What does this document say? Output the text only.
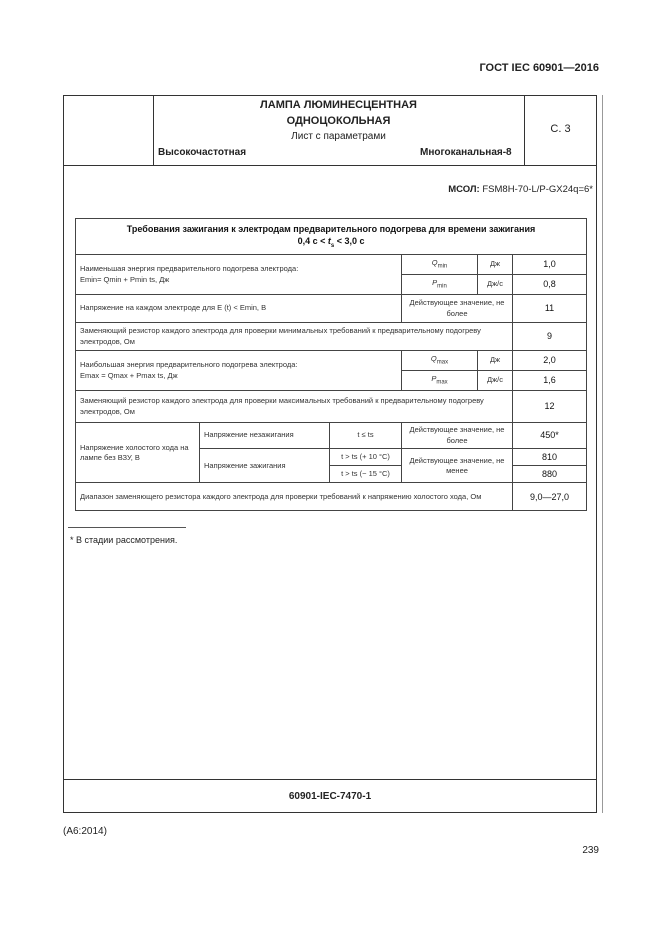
ГОСТ IEC 60901—2016
ЛАМПА ЛЮМИНЕСЦЕНТНАЯ
ОДНОЦОКОЛЬНАЯ
Лист с параметрами
Высокочастотная	Многоканальная-8
С. 3
МСОЛ: FSM8H-70-L/P-GX24q=6*
Требования зажигания к электродам предварительного подогрева для времени зажигания
0,4 $с < t_s < 3,0$ с					

Наименьшая энергия предварительного подогрева электрода:
Emin= Qmin + Pmin ts, Дж			$Q_{min}$	Дж	1,0
			$P_{min}$	Дж/с	0,8
Напряжение на каждом электроде для E (t) < Emin, В			Действующее значение, не более		11
Заменяющий резистор каждого электрода для проверки минимальных требований к предварительному подогреву электродов, Ом					9

Наибольшая энергия предварительного подогрева электрода:
Emax = Qmax + Pmax ts, Дж			$Q_{max}$	Дж	2,0
			$P_{max}$	Дж/с	1,6
Заменяющий резистор каждого электрода для проверки максимальных требований к предварительному подогреву электродов, Ом					12
Напряжение холостого хода на лампе без ВЗУ, В	Напряжение незажигания	t ≤ ts	Действующее значение, не более		450*
	Напряжение зажигания	t > ts (+ 10 °C)	Действующее значение, не менее		810
		t > ts (− 15 °C)			880
Диапазон заменяющего резистора каждого электрода для проверки требований к напряжению холостого хода, Ом					9,0—27,0
* В стадии рассмотрения.
60901-IEC-7470-1
(А6:2014)
239
